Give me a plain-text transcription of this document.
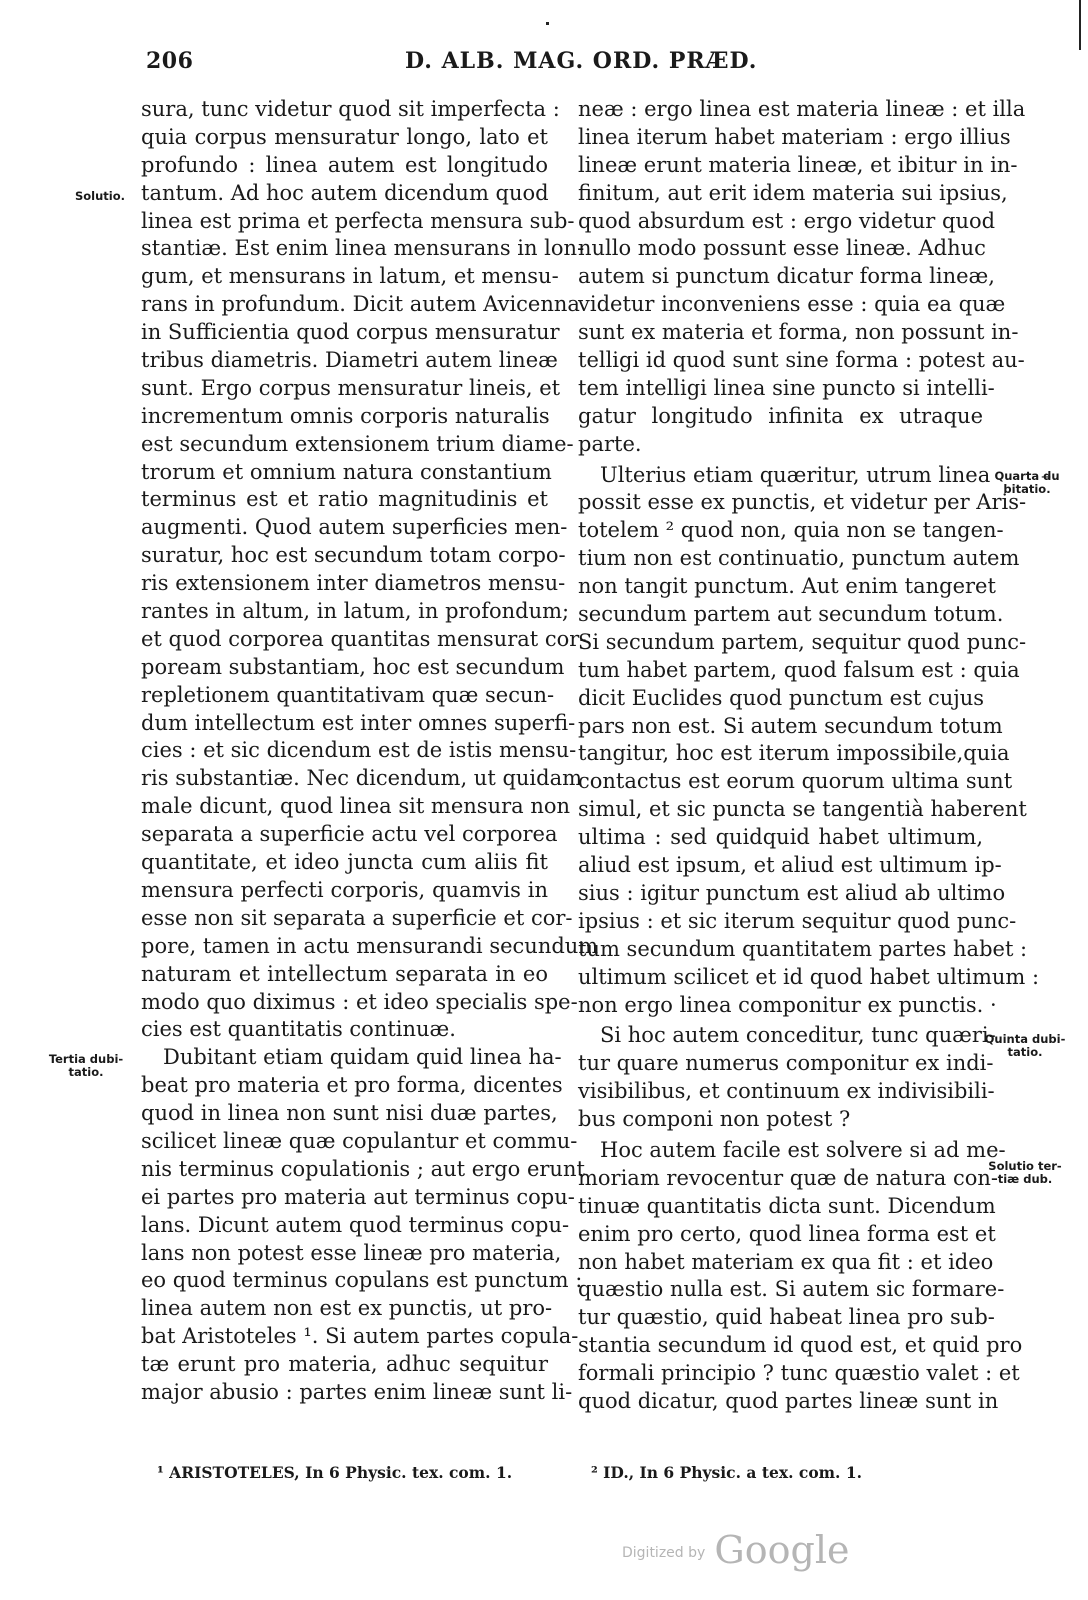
206	D. ALB. MAG. ORD. PRÆD.

sura, tunc videtur quod sit imperfecta :
quia corpus mensuratur longo, lato et
profundo : linea autem est longitudo
tantum. Ad hoc autem dicendum quod
linea est prima et perfecta mensura sub-
stantiæ. Est enim linea mensurans in lon-
gum, et mensurans in latum, et mensu-
rans in profundum. Dicit autem Avicenna
in Sufficientia quod corpus mensuratur
tribus diametris. Diametri autem lineæ
sunt. Ergo corpus mensuratur lineis, et
incrementum omnis corporis naturalis
est secundum extensionem trium diame-
trorum et omnium natura constantium
terminus est et ratio magnitudinis et
augmenti. Quod autem superficies men-
suratur, hoc est secundum totam corpo-
ris extensionem inter diametros mensu-
rantes in altum, in latum, in profondum;
et quod corporea quantitas mensurat cor-
poream substantiam, hoc est secundum
repletionem quantitativam quæ secun-
dum intellectum est inter omnes superfi-
cies : et sic dicendum est de istis mensu-
ris substantiæ. Nec dicendum, ut quidam
male dicunt, quod linea sit mensura non
separata a superficie actu vel corporea
quantitate, et ideo juncta cum aliis fit
mensura perfecti corporis, quamvis in
esse non sit separata a superficie et cor-
pore, tamen in actu mensurandi secundum
naturam et intellectum separata in eo
modo quo diximus : et ideo specialis spe-
cies est quantitatis continuæ.

Dubitant etiam quidam quid linea ha-
beat pro materia et pro forma, dicentes
quod in linea non sunt nisi duæ partes,
scilicet lineæ quæ copulantur et commu-
nis terminus copulationis ; aut ergo erunt
ei partes pro materia aut terminus copu-
lans. Dicunt autem quod terminus copu-
lans non potest esse lineæ pro materia,
eo quod terminus copulans est punctum :
linea autem non est ex punctis, ut pro-
bat Aristoteles ¹. Si autem partes copula-
tæ erunt pro materia, adhuc sequitur
major abusio : partes enim lineæ sunt li-

neæ : ergo linea est materia lineæ : et illa
linea iterum habet materiam : ergo illius
lineæ erunt materia lineæ, et ibitur in in-
finitum, aut erit idem materia sui ipsius,
quod absurdum est : ergo videtur quod
nullo modo possunt esse lineæ. Adhuc
autem si punctum dicatur forma lineæ,
videtur inconveniens esse : quia ea quæ
sunt ex materia et forma, non possunt in-
telligi id quod sunt sine forma : potest au-
tem intelligi linea sine puncto si intelli-
gatur longitudo infinita ex utraque
parte.

Ulterius etiam quæritur, utrum linea
possit esse ex punctis, et videtur per Aris-
totelem ² quod non, quia non se tangen-
tium non est continuatio, punctum autem
non tangit punctum. Aut enim tangeret
secundum partem aut secundum totum.
Si secundum partem, sequitur quod punc-
tum habet partem, quod falsum est : quia
dicit Euclides quod punctum est cujus
pars non est. Si autem secundum totum
tangitur, hoc est iterum impossibile,quia
contactus est eorum quorum ultima sunt
simul, et sic puncta se tangentià haberent
ultima : sed quidquid habet ultimum,
aliud est ipsum, et aliud est ultimum ip-
sius : igitur punctum est aliud ab ultimo
ipsius : et sic iterum sequitur quod punc-
tum secundum quantitatem partes habet :
ultimum scilicet et id quod habet ultimum :
non ergo linea componitur ex punctis. ·

Si hoc autem conceditur, tunc quæri-
tur quare numerus componitur ex indi-
visibilibus, et continuum ex indivisibili-
bus componi non potest ?

Hoc autem facile est solvere si ad me-
moriam revocentur quæ de natura con-
tinuæ quantitatis dicta sunt. Dicendum
enim pro certo, quod linea forma est et
non habet materiam ex qua fit : et ideo
quæstio nulla est. Si autem sic formare-
tur quæstio, quid habeat linea pro sub-
stantia secundum id quod est, et quid pro
formali principio ? tunc quæstio valet : et
quod dicatur, quod partes lineæ sunt in

Solutio.
Tertia dubi-
tatio.
Quarta d̶u
bitatio.
Quinta dubi-
tatio.
Solutio ter-
tiæ dub.
¹ ARISTOTELES, In 6 Physic. tex. com. 1.	² ID., In 6 Physic. a tex. com. 1.
Digitized by Google
